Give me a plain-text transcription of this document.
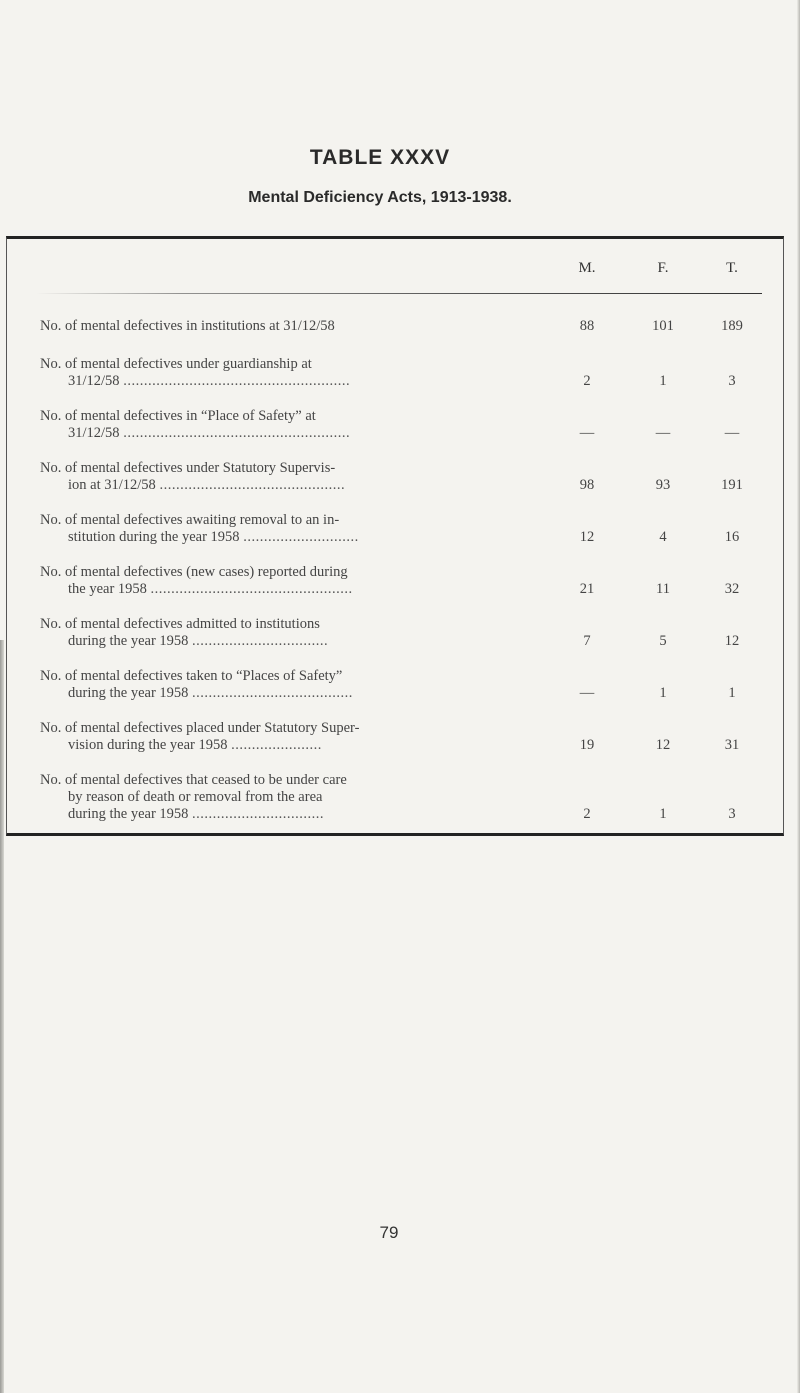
TABLE XXXV
Mental Deficiency Acts, 1913-1938.
M.	F.	T.
No. of mental defectives in institutions at 31/12/58	88	101	189
No. of mental defectives under guardianship at
31/12/58 .......................................................	2	1	3
No. of mental defectives in “Place of Safety” at
31/12/58 .......................................................	—	—	—
No. of mental defectives under Statutory Supervis-
ion at 31/12/58 .............................................	98	93	191
No. of mental defectives awaiting removal to an in-
stitution during the year 1958 ............................	12	4	16
No. of mental defectives (new cases) reported during
the year 1958 .................................................	21	11	32
No. of mental defectives admitted to institutions
during the year 1958 .................................	7	5	12
No. of mental defectives taken to “Places of Safety”
during the year 1958 .......................................	—	1	1
No. of mental defectives placed under Statutory Super-
vision during the year 1958 ......................	19	12	31
79
No. of mental defectives that ceased to be under care
by reason of death or removal from the area
during the year 1958 ................................	2	1	3
